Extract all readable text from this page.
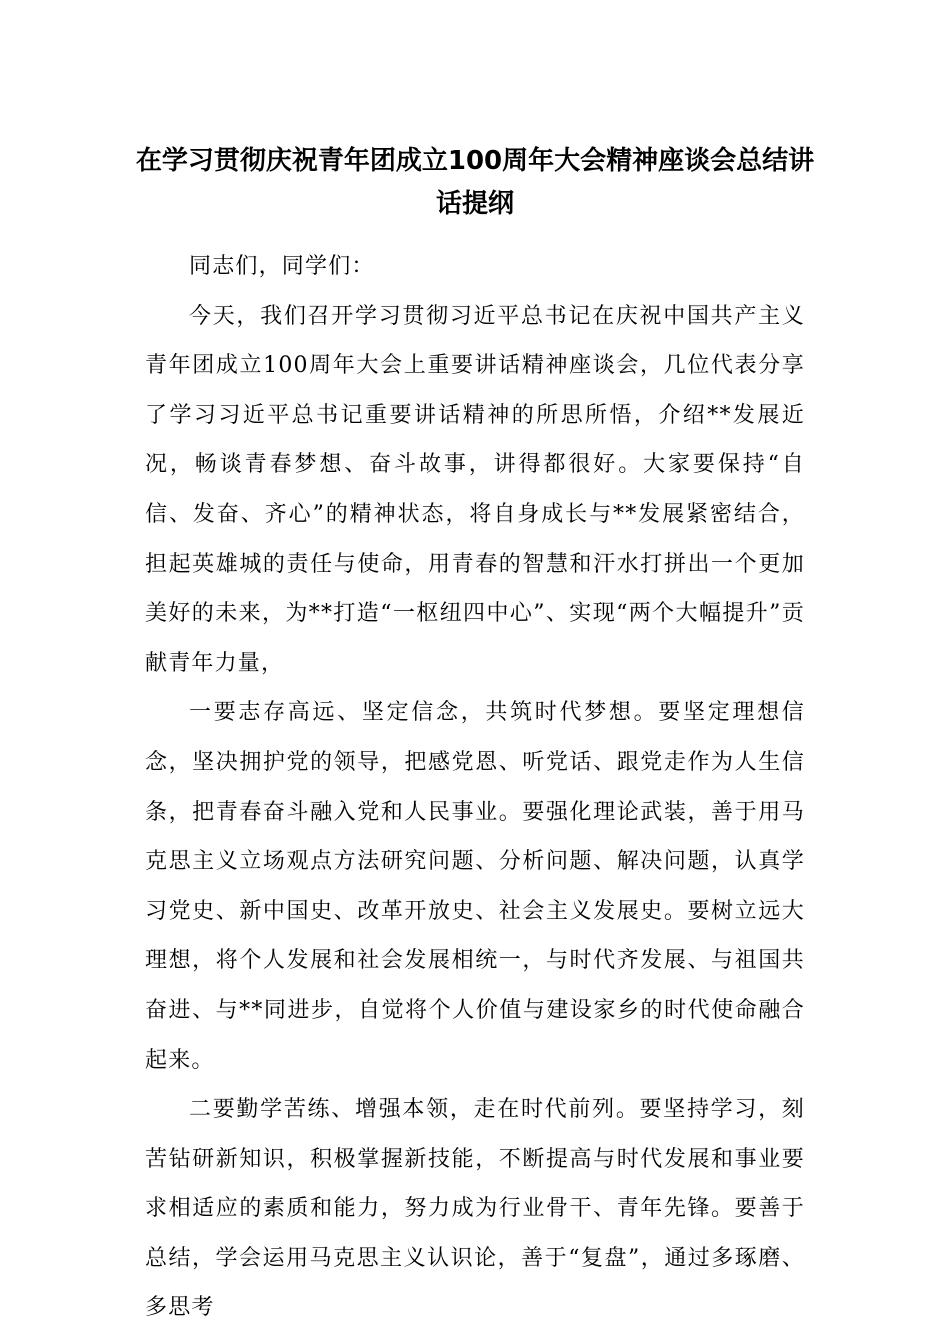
在学习贯彻庆祝青年团成立100周年大会精神座谈会总结讲
话提纲

同志们，同学们：

今天，我们召开学习贯彻习近平总书记在庆祝中国共产主义青年团成立100周年大会上重要讲话精神座谈会，几位代表分享了学习习近平总书记重要讲话精神的所思所悟，介绍**发展近况，畅谈青春梦想、奋斗故事，讲得都很好。大家要保持“自信、发奋、齐心”的精神状态，将自身成长与**发展紧密结合，担起英雄城的责任与使命，用青春的智慧和汗水打拼出一个更加美好的未来，为**打造“一枢纽四中心”、实现“两个大幅提升”贡献青年力量，

一要志存高远、坚定信念，共筑时代梦想。要坚定理想信念，坚决拥护党的领导，把感党恩、听党话、跟党走作为人生信条，把青春奋斗融入党和人民事业。要强化理论武装，善于用马克思主义立场观点方法研究问题、分析问题、解决问题，认真学习党史、新中国史、改革开放史、社会主义发展史。要树立远大理想，将个人发展和社会发展相统一，与时代齐发展、与祖国共奋进、与**同进步，自觉将个人价值与建设家乡的时代使命融合起来。

二要勤学苦练、增强本领，走在时代前列。要坚持学习，刻苦钻研新知识，积极掌握新技能，不断提高与时代发展和事业要求相适应的素质和能力，努力成为行业骨干、青年先锋。要善于总结，学会运用马克思主义认识论，善于“复盘”，通过多琢磨、多思考
